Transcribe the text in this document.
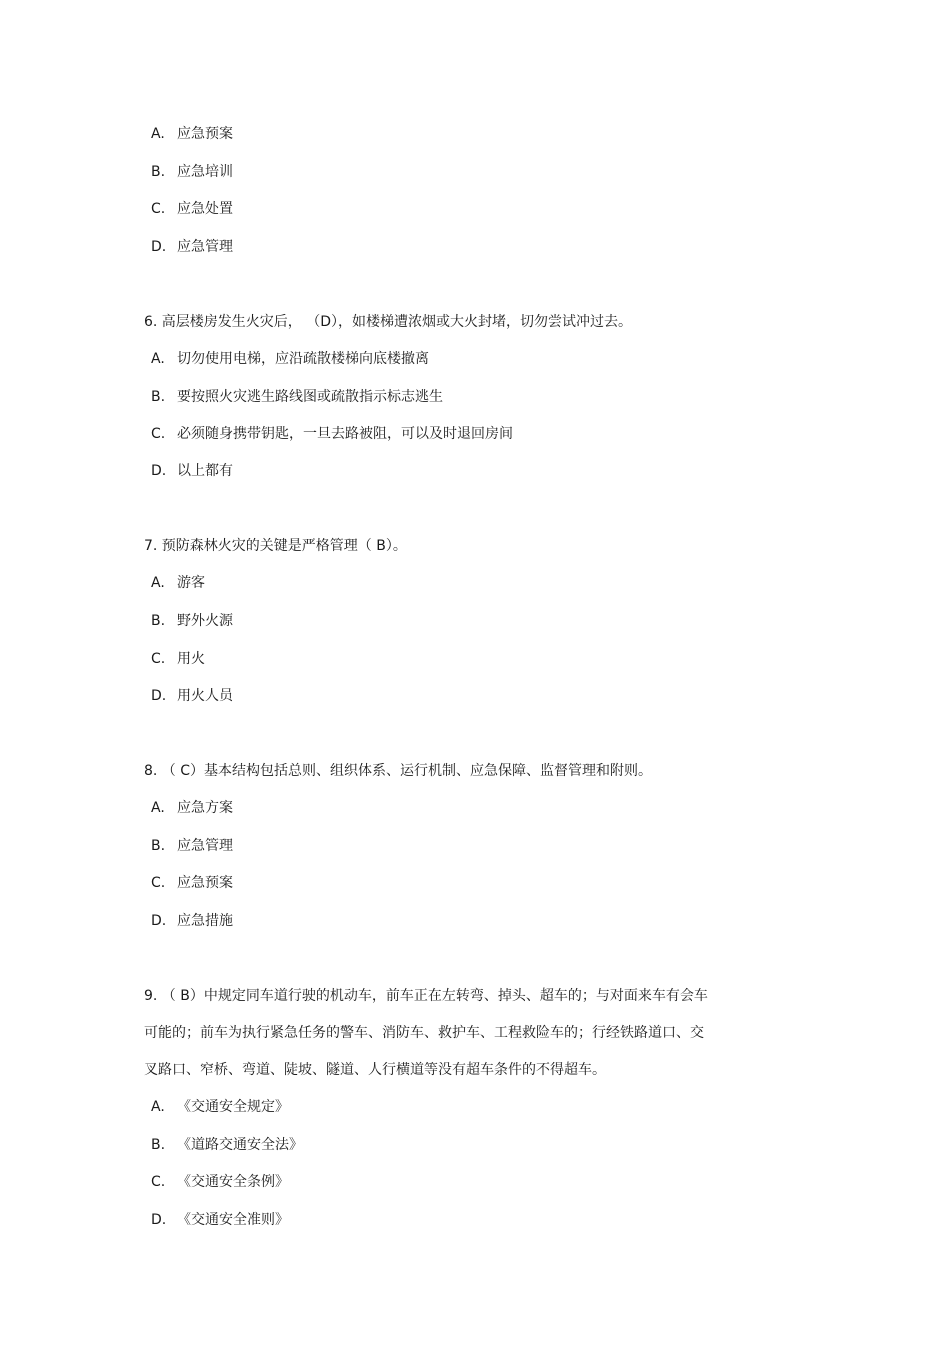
A. 应急预案
B. 应急培训
C. 应急处置
D. 应急管理
6. 高层楼房发生火灾后， （D），如楼梯遭浓烟或大火封堵，切勿尝试冲过去。
A. 切勿使用电梯，应沿疏散楼梯向底楼撤离
B. 要按照火灾逃生路线图或疏散指示标志逃生
C. 必须随身携带钥匙，一旦去路被阻，可以及时退回房间
D. 以上都有
7. 预防森林火灾的关键是严格管理（ B）。
A. 游客
B. 野外火源
C. 用火
D. 用火人员
8. （ C）基本结构包括总则、组织体系、运行机制、应急保障、监督管理和附则。
A. 应急方案
B. 应急管理
C. 应急预案
D. 应急措施
9. （ B）中规定同车道行驶的机动车，前车正在左转弯、掉头、超车的；与对面来车有会车
可能的；前车为执行紧急任务的警车、消防车、救护车、工程救险车的；行经铁路道口、交
叉路口、窄桥、弯道、陡坡、隧道、人行横道等没有超车条件的不得超车。
A. 《交通安全规定》
B. 《道路交通安全法》
C. 《交通安全条例》
D. 《交通安全准则》
